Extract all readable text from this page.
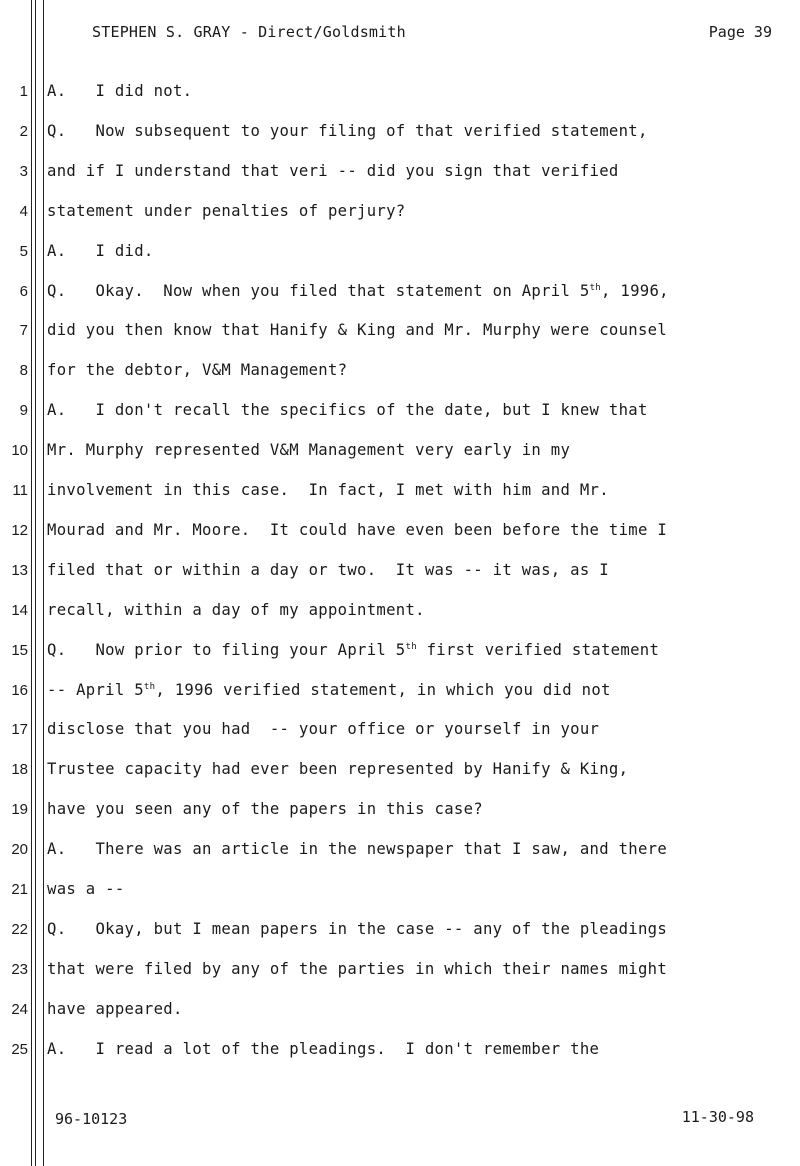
STEPHEN S. GRAY - Direct/Goldsmith	Page 39
1 A.   I did not.
2 Q.   Now subsequent to your filing of that verified statement,
3 and if I understand that veri -- did you sign that verified
4 statement under penalties of perjury?
5 A.   I did.
6 Q.   Okay.  Now when you filed that statement on April 5th, 1996,
7 did you then know that Hanify & King and Mr. Murphy were counsel
8 for the debtor, V&M Management?
9 A.   I don't recall the specifics of the date, but I knew that
10 Mr. Murphy represented V&M Management very early in my
11 involvement in this case.  In fact, I met with him and Mr.
12 Mourad and Mr. Moore.  It could have even been before the time I
13 filed that or within a day or two.  It was -- it was, as I
14 recall, within a day of my appointment.
15 Q.   Now prior to filing your April 5th first verified statement
16 -- April 5th, 1996 verified statement, in which you did not
17 disclose that you had  -- your office or yourself in your
18 Trustee capacity had ever been represented by Hanify & King,
19 have you seen any of the papers in this case?
20 A.   There was an article in the newspaper that I saw, and there
21 was a --
22 Q.   Okay, but I mean papers in the case -- any of the pleadings
23 that were filed by any of the parties in which their names might
24 have appeared.
25 A.   I read a lot of the pleadings.  I don't remember the
96-10123	11-30-98
